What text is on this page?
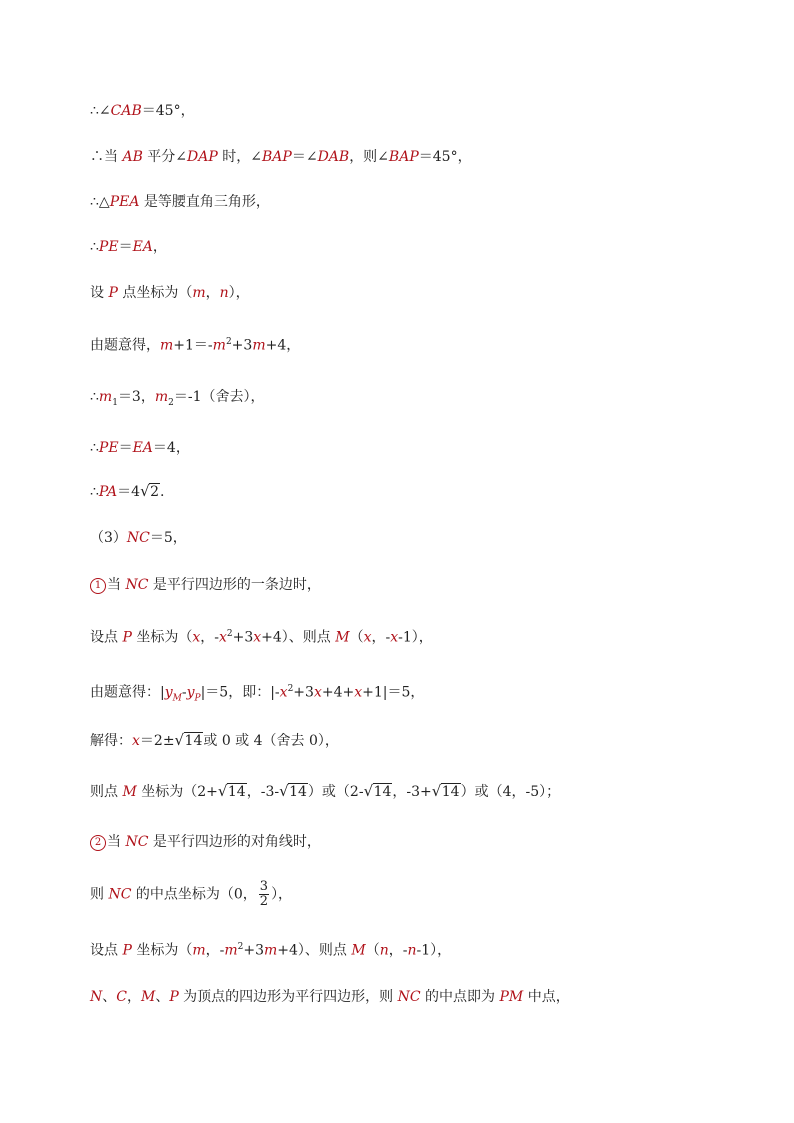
∴∠CAB＝45°，
∴当 AB 平分∠DAP 时，∠BAP＝∠DAB，则∠BAP＝45°，
∴△PEA 是等腰直角三角形，
∴PE＝EA，
设 P 点坐标为（m，n），
由题意得，$m+1=-m^2+3m+4$，
$\therefore m_1=3$，$m_2=-1$（舍去），
∴PE＝EA＝4，
∴PA＝4 √ 2.
（3）NC＝5，
1 当 NC 是平行四边形的一条边时，
设点 P 坐标为（x，$-x^2+3x+4$）、则点 M（x，-x-1），
由题意得：$|y_M-y_P|=5$，即：$|-x^2+3x+4+x+1|=5$，
解得：x＝2± √ 14或 0 或 4（舍去 0），
则点 M 坐标为（2+ √ 14，-3- √ 14）或（2- √ 14，-3+ √ 14）或（4，-5）；
2 当 NC 是平行四边形的对角线时，
则 NC 的中点坐标为（0， $\frac{3}{2}$ ），
设点 P 坐标为（m，$-m^2+3m+4$）、则点 M（n，-n-1），
N、C，M、P 为顶点的四边形为平行四边形，则 NC 的中点即为 PM 中点，
